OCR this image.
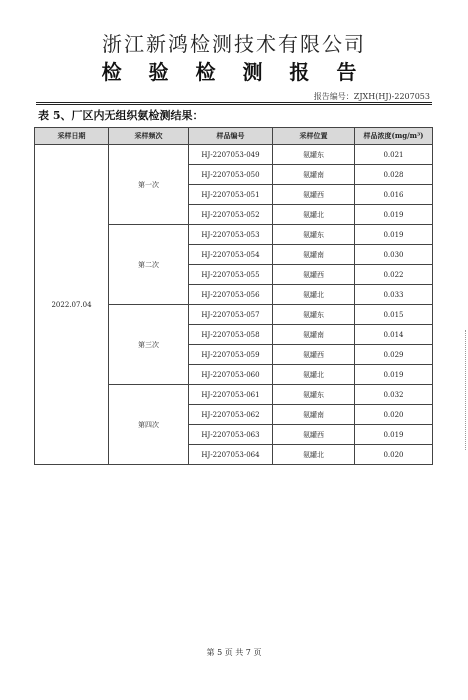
浙江新鸿检测技术有限公司
检 验 检 测 报 告
报告编号：ZJXH(HJ)-2207053
表 5、厂区内无组织氨检测结果：
采样日期	采样频次	样品编号	采样位置	样品浓度(mg/m³)
2022.07.04	第一次	HJ-2207053-049	氨罐东	0.021
		HJ-2207053-050	氨罐南	0.028
		HJ-2207053-051	氨罐西	0.016
		HJ-2207053-052	氨罐北	0.019
	第二次	HJ-2207053-053	氨罐东	0.019
		HJ-2207053-054	氨罐南	0.030
		HJ-2207053-055	氨罐西	0.022
		HJ-2207053-056	氨罐北	0.033
	第三次	HJ-2207053-057	氨罐东	0.015
		HJ-2207053-058	氨罐南	0.014
		HJ-2207053-059	氨罐西	0.029
		HJ-2207053-060	氨罐北	0.019
	第四次	HJ-2207053-061	氨罐东	0.032
		HJ-2207053-062	氨罐南	0.020
		HJ-2207053-063	氨罐西	0.019
		HJ-2207053-064	氨罐北	0.020
第 5 页 共 7 页
